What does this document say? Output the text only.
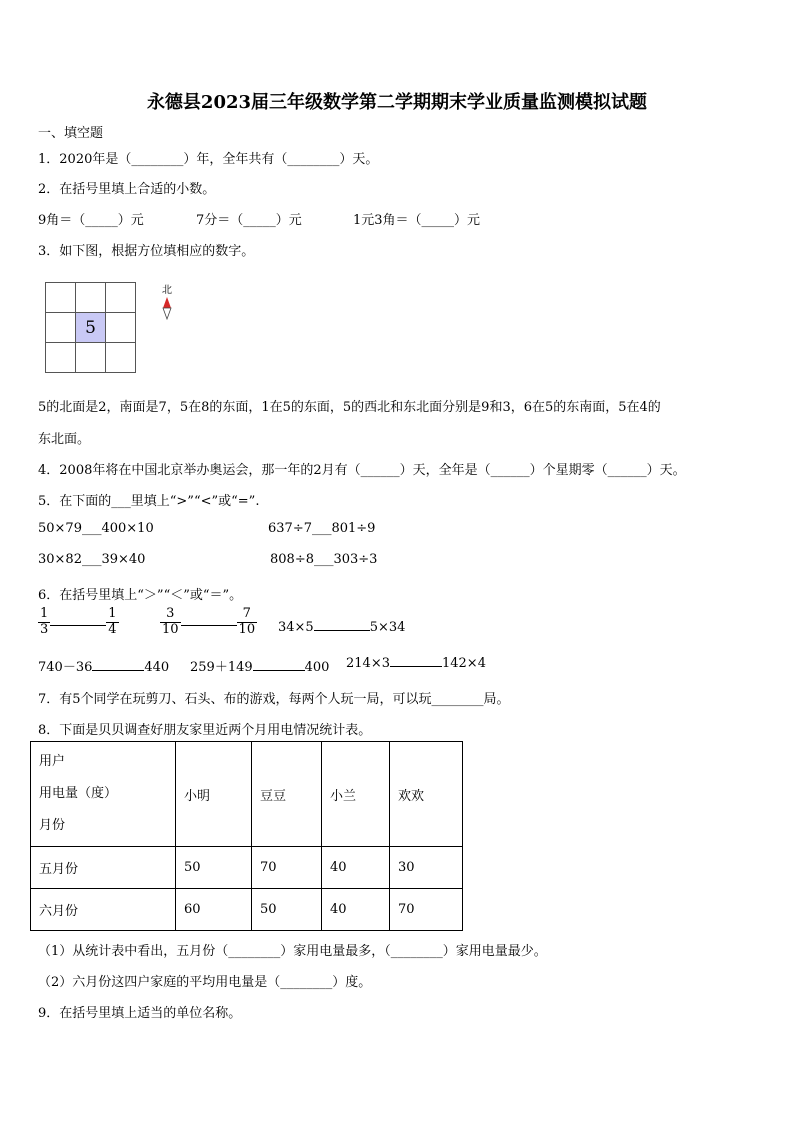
永德县2023届三年级数学第二学期期末学业质量监测模拟试题
一、填空题
1．2020年是（________）年，全年共有（________）天。
2．在括号里填上合适的小数。
9角＝（_____）元	7分＝（_____）元	1元3角＝（_____）元
3．如下图，根据方位填相应的数字。

	5	

北
5的北面是2，南面是7，5在8的东面，1在5的东面，5的西北和东北面分别是9和3，6在5的东南面，5在4的
东北面。
4．2008年将在中国北京举办奥运会，那一年的2月有（______）天，全年是（______）个星期零（______）天。
5．在下面的___里填上“>”“<”或“=”.
50×79___400×10	637÷7___801÷9
30×82___39×40	808÷8___303÷3
6．在括号里填上“＞”“＜”或“＝”。
$\frac{1}{3}$	$\frac{1}{4}$	$\frac{3}{10}$	$\frac{7}{10} 34\times 5$	5×34
740－36	440 259＋149	400 214×3	142×4
7．有5个同学在玩剪刀、石头、布的游戏，每两个人玩一局，可以玩________局。
8．下面是贝贝调查好朋友家里近两个月用电情况统计表。
用户
用电量（度）
月份	小明	豆豆	小兰	欢欢
五月份	50	70	40	30
六月份	60	50	40	70
（1）从统计表中看出，五月份（________）家用电量最多，（________）家用电量最少。
（2）六月份这四户家庭的平均用电量是（________）度。
9．在括号里填上适当的单位名称。
